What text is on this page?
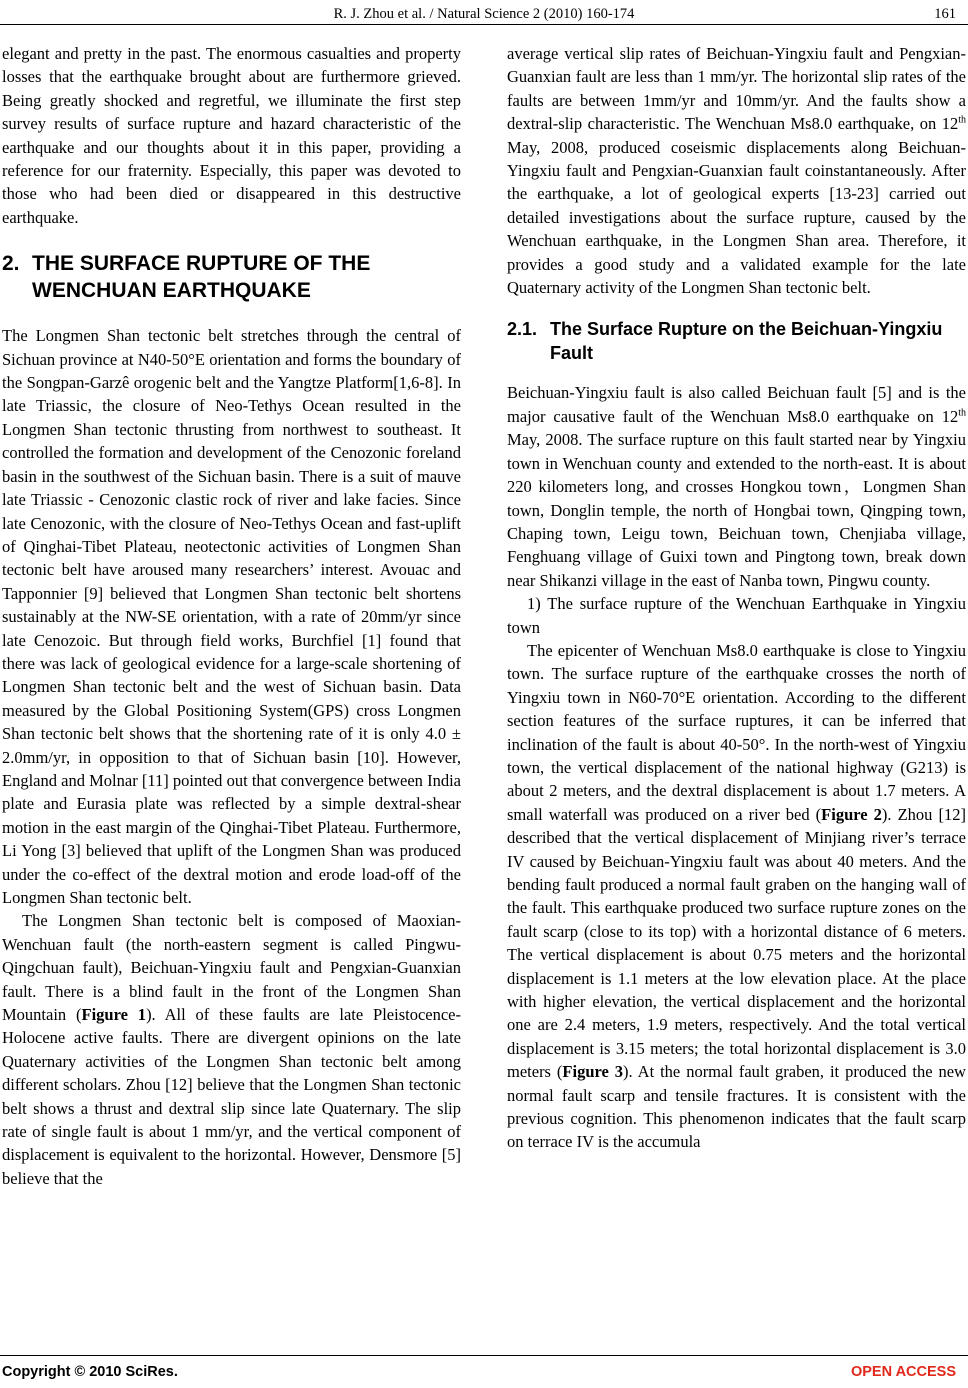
R. J. Zhou et al. / Natural Science 2 (2010) 160-174	161

elegant and pretty in the past. The enormous casualties and property losses that the earthquake brought about are furthermore grieved. Being greatly shocked and regretful, we illuminate the first step survey results of surface rupture and hazard characteristic of the earthquake and our thoughts about it in this paper, providing a reference for our fraternity. Especially, this paper was devoted to those who had been died or disappeared in this destructive earthquake.

2. THE SURFACE RUPTURE OF THE WENCHUAN EARTHQUAKE

The Longmen Shan tectonic belt stretches through the central of Sichuan province at N40-50°E orientation and forms the boundary of the Songpan-Garzê orogenic belt and the Yangtze Platform[1,6-8]. In late Triassic, the closure of Neo-Tethys Ocean resulted in the Longmen Shan tectonic thrusting from northwest to southeast. It controlled the formation and development of the Cenozonic foreland basin in the southwest of the Sichuan basin. There is a suit of mauve late Triassic - Cenozonic clastic rock of river and lake facies. Since late Cenozonic, with the closure of Neo-Tethys Ocean and fast-uplift of Qinghai-Tibet Plateau, neotectonic activities of Longmen Shan tectonic belt have aroused many researchers’ interest. Avouac and Tapponnier [9] believed that Longmen Shan tectonic belt shortens sustainably at the NW-SE orientation, with a rate of 20mm/yr since late Cenozoic. But through field works, Burchfiel [1] found that there was lack of geological evidence for a large-scale shortening of Longmen Shan tectonic belt and the west of Sichuan basin. Data measured by the Global Positioning System(GPS) cross Longmen Shan tectonic belt shows that the shortening rate of it is only 4.0 ± 2.0mm/yr, in opposition to that of Sichuan basin [10]. However, England and Molnar [11] pointed out that convergence between India plate and Eurasia plate was reflected by a simple dextral-shear motion in the east margin of the Qinghai-Tibet Plateau. Furthermore, Li Yong [3] believed that uplift of the Longmen Shan was produced under the co-effect of the dextral motion and erode load-off of the Longmen Shan tectonic belt.

The Longmen Shan tectonic belt is composed of Maoxian-Wenchuan fault (the north-eastern segment is called Pingwu-Qingchuan fault), Beichuan-Yingxiu fault and Pengxian-Guanxian fault. There is a blind fault in the front of the Longmen Shan Mountain (Figure 1). All of these faults are late Pleistocence-Holocene active faults. There are divergent opinions on the late Quaternary activities of the Longmen Shan tectonic belt among different scholars. Zhou [12] believe that the Longmen Shan tectonic belt shows a thrust and dextral slip since late Quaternary. The slip rate of single fault is about 1 mm/yr, and the vertical component of displacement is equivalent to the horizontal. However, Densmore [5] believe that the

average vertical slip rates of Beichuan-Yingxiu fault and Pengxian-Guanxian fault are less than 1 mm/yr. The horizontal slip rates of the faults are between 1mm/yr and 10mm/yr. And the faults show a dextral-slip characteristic. The Wenchuan Ms8.0 earthquake, on 12th May, 2008, produced coseismic displacements along Beichuan-Yingxiu fault and Pengxian-Guanxian fault coinstantaneously. After the earthquake, a lot of geological experts [13-23] carried out detailed investigations about the surface rupture, caused by the Wenchuan earthquake, in the Longmen Shan area. Therefore, it provides a good study and a validated example for the late Quaternary activity of the Longmen Shan tectonic belt.

2.1. The Surface Rupture on the Beichuan-Yingxiu Fault

Beichuan-Yingxiu fault is also called Beichuan fault [5] and is the major causative fault of the Wenchuan Ms8.0 earthquake on 12th May, 2008. The surface rupture on this fault started near by Yingxiu town in Wenchuan county and extended to the north-east. It is about 220 kilometers long, and crosses Hongkou town，Longmen Shan town, Donglin temple, the north of Hongbai town, Qingping town, Chaping town, Leigu town, Beichuan town, Chenjiaba village, Fenghuang village of Guixi town and Pingtong town, break down near Shikanzi village in the east of Nanba town, Pingwu county.

1) The surface rupture of the Wenchuan Earthquake in Yingxiu town

The epicenter of Wenchuan Ms8.0 earthquake is close to Yingxiu town. The surface rupture of the earthquake crosses the north of Yingxiu town in N60-70°E orientation. According to the different section features of the surface ruptures, it can be inferred that inclination of the fault is about 40-50°. In the north-west of Yingxiu town, the vertical displacement of the national highway (G213) is about 2 meters, and the dextral displacement is about 1.7 meters. A small waterfall was produced on a river bed (Figure 2). Zhou [12] described that the vertical displacement of Minjiang river’s terrace IV caused by Beichuan-Yingxiu fault was about 40 meters. And the bending fault produced a normal fault graben on the hanging wall of the fault. This earthquake produced two surface rupture zones on the fault scarp (close to its top) with a horizontal distance of 6 meters. The vertical displacement is about 0.75 meters and the horizontal displacement is 1.1 meters at the low elevation place. At the place with higher elevation, the vertical displacement and the horizontal one are 2.4 meters, 1.9 meters, respectively. And the total vertical displacement is 3.15 meters; the total horizontal displacement is 3.0 meters (Figure 3). At the normal fault graben, it produced the new normal fault scarp and tensile fractures. It is consistent with the previous cognition. This phenomenon indicates that the fault scarp on terrace IV is the accumula

Copyright © 2010 SciRes.	OPEN ACCESS
